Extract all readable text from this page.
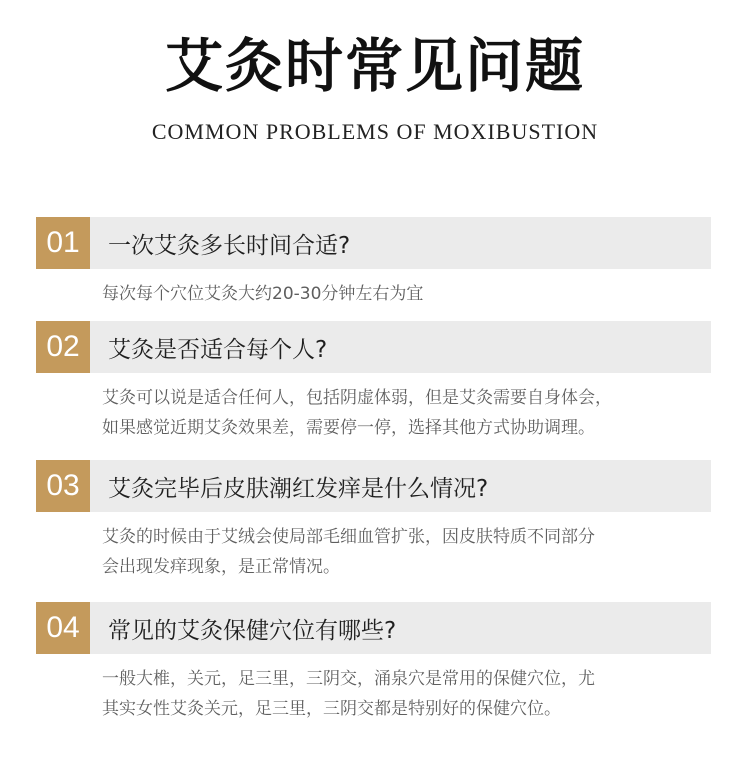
艾灸时常见问题
COMMON PROBLEMS OF MOXIBUSTION
01	一次艾灸多长时间合适?

每次每个穴位艾灸大约20-30分钟左右为宜

02	艾灸是否适合每个人?

艾灸可以说是适合任何人，包括阴虚体弱，但是艾灸需要自身体会，
如果感觉近期艾灸效果差，需要停一停，选择其他方式协助调理。

03	艾灸完毕后皮肤潮红发痒是什么情况?

艾灸的时候由于艾绒会使局部毛细血管扩张，因皮肤特质不同部分
会出现发痒现象，是正常情况。

04	常见的艾灸保健穴位有哪些?

一般大椎，关元，足三里，三阴交，涌泉穴是常用的保健穴位，尤
其实女性艾灸关元，足三里，三阴交都是特别好的保健穴位。
